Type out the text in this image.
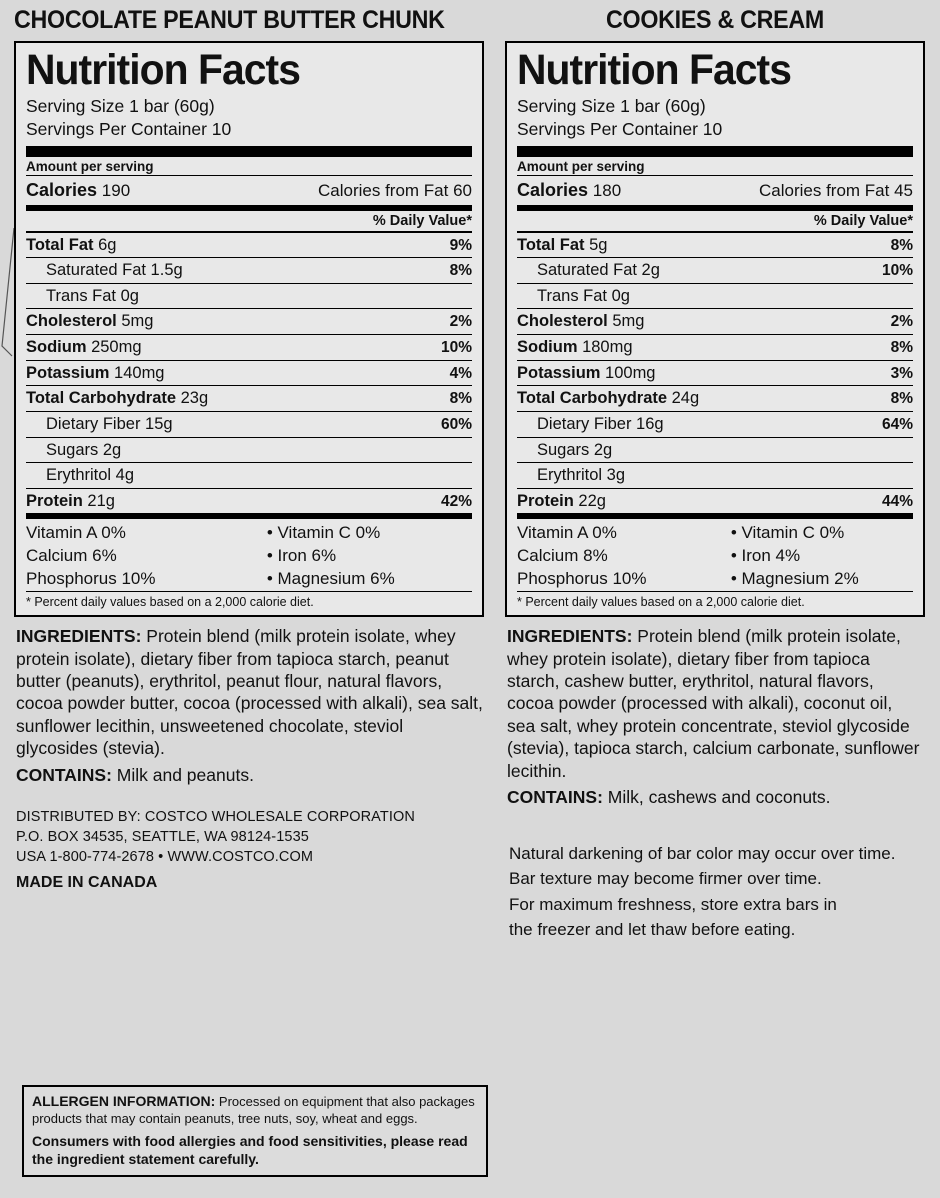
CHOCOLATE PEANUT BUTTER CHUNK
Nutrition Facts
Serving Size 1 bar (60g)
Servings Per Container 10
Amount per serving
Calories 190	Calories from Fat 60
% Daily Value*
Total Fat 6g	9%
Saturated Fat 1.5g	8%
Trans Fat 0g
Cholesterol 5mg	2%
Sodium 250mg	10%
Potassium 140mg	4%
Total Carbohydrate 23g	8%
Dietary Fiber 15g	60%
Sugars 2g
Erythritol 4g
Protein 21g	42%
Vitamin A 0%	• Vitamin C 0%
Calcium 6%	• Iron 6%
Phosphorus 10%	• Magnesium 6%
* Percent daily values based on a 2,000 calorie diet.
INGREDIENTS: Protein blend (milk protein isolate, whey protein isolate), dietary fiber from tapioca starch, peanut butter (peanuts), erythritol, peanut flour, natural flavors, cocoa powder butter, cocoa (processed with alkali), sea salt, sunflower lecithin, unsweetened chocolate, steviol glycosides (stevia).
CONTAINS: Milk and peanuts.
DISTRIBUTED BY: COSTCO WHOLESALE CORPORATION
P.O. BOX 34535, SEATTLE, WA 98124-1535
USA 1-800-774-2678 • WWW.COSTCO.COM
MADE IN CANADA
COOKIES & CREAM
Nutrition Facts
Serving Size 1 bar (60g)
Servings Per Container 10
Amount per serving
Calories 180	Calories from Fat 45
% Daily Value*
Total Fat 5g	8%
Saturated Fat 2g	10%
Trans Fat 0g
Cholesterol 5mg	2%
Sodium 180mg	8%
Potassium 100mg	3%
Total Carbohydrate 24g	8%
Dietary Fiber 16g	64%
Sugars 2g
Erythritol 3g
Protein 22g	44%
Vitamin A 0%	• Vitamin C 0%
Calcium 8%	• Iron 4%
Phosphorus 10%	• Magnesium 2%
* Percent daily values based on a 2,000 calorie diet.
INGREDIENTS: Protein blend (milk protein isolate, whey protein isolate), dietary fiber from tapioca starch, cashew butter, erythritol, natural flavors, cocoa powder (processed with alkali), coconut oil, sea salt, whey protein concentrate, steviol glycoside (stevia), tapioca starch, calcium carbonate, sunflower lecithin.
CONTAINS: Milk, cashews and coconuts.
Natural darkening of bar color may occur over time.
Bar texture may become firmer over time.
For maximum freshness, store extra bars in
the freezer and let thaw before eating.
ALLERGEN INFORMATION: Processed on equipment that also packages products that may contain peanuts, tree nuts, soy, wheat and eggs.
Consumers with food allergies and food sensitivities, please read the ingredient statement carefully.
